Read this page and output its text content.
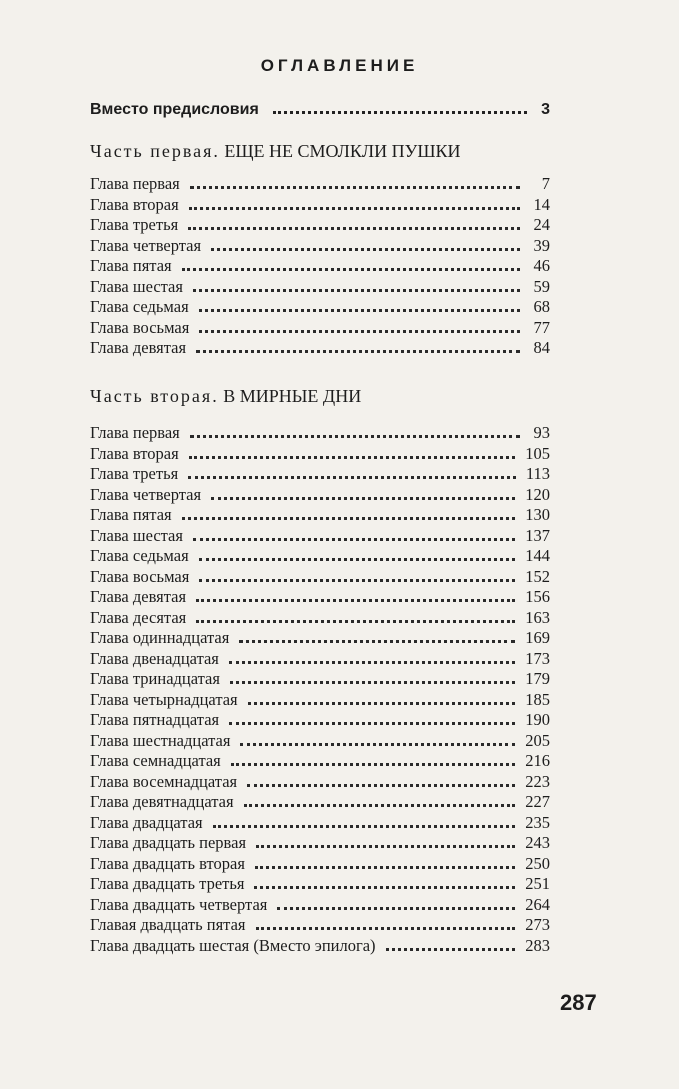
ОГЛАВЛЕНИЕ
Вместо предисловия	3
Часть первая. ЕЩЕ НЕ СМОЛКЛИ ПУШКИ
Глава первая	7
Глава вторая	14
Глава третья	24
Глава четвертая	39
Глава пятая	46
Глава шестая	59
Глава седьмая	68
Глава восьмая	77
Глава девятая	84
Часть вторая. В МИРНЫЕ ДНИ
Глава первая	93
Глава вторая	105
Глава третья	113
Глава четвертая	120
Глава пятая	130
Глава шестая	137
Глава седьмая	144
Глава восьмая	152
Глава девятая	156
Глава десятая	163
Глава одиннадцатая	169
Глава двенадцатая	173
Глава тринадцатая	179
Глава четырнадцатая	185
Глава пятнадцатая	190
Глава шестнадцатая	205
Глава семнадцатая	216
Глава восемнадцатая	223
Глава девятнадцатая	227
Глава двадцатая	235
Глава двадцать первая	243
Глава двадцать вторая	250
Глава двадцать третья	251
Глава двадцать четвертая	264
Главая двадцать пятая	273
Глава двадцать шестая (Вместо эпилога)	283
287
